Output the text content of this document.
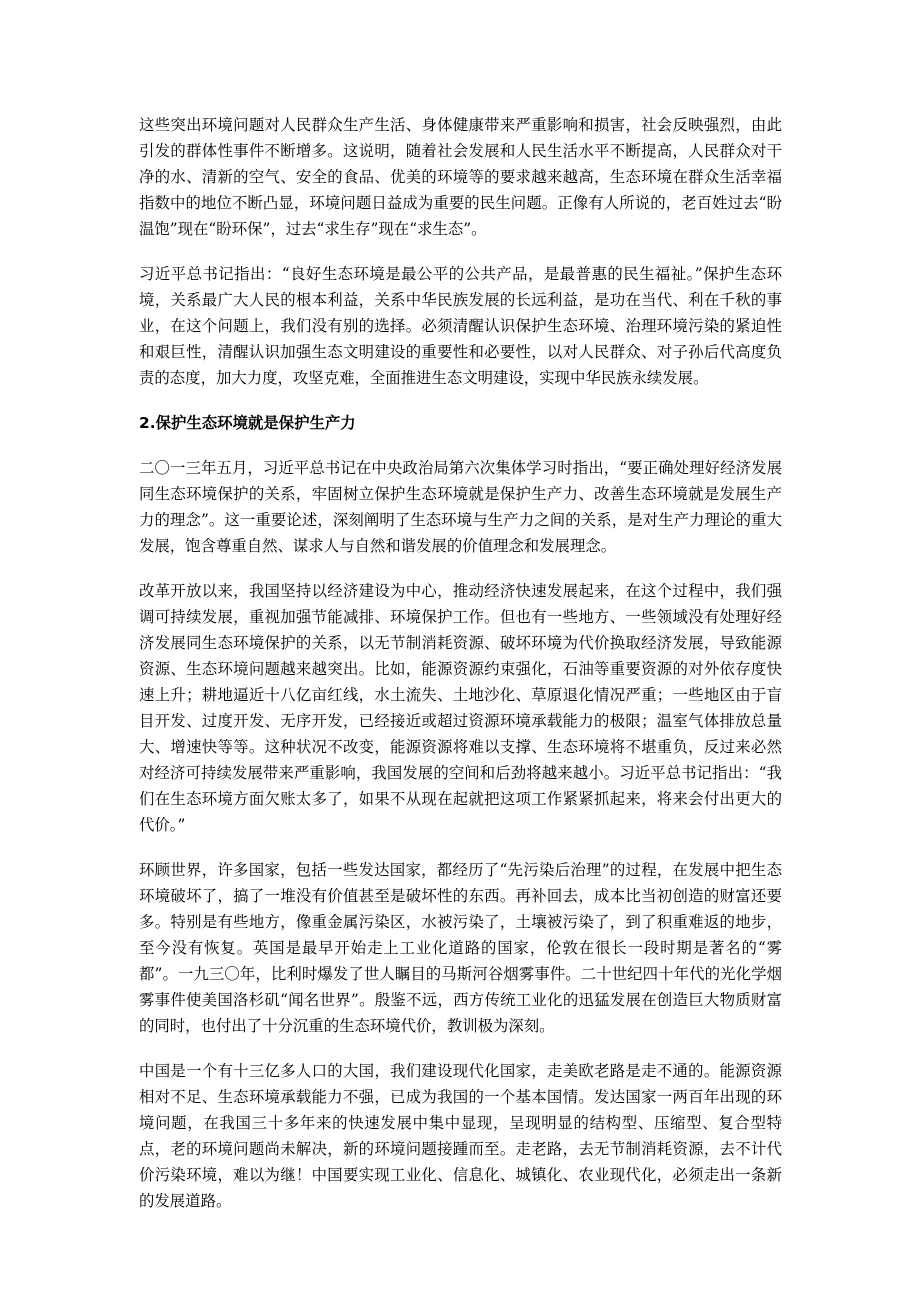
这些突出环境问题对人民群众生产生活、身体健康带来严重影响和损害，社会反映强烈，由此引发的群体性事件不断增多。这说明，随着社会发展和人民生活水平不断提高，人民群众对干净的水、清新的空气、安全的食品、优美的环境等的要求越来越高，生态环境在群众生活幸福指数中的地位不断凸显，环境问题日益成为重要的民生问题。正像有人所说的，老百姓过去“盼温饱”现在“盼环保”，过去“求生存”现在“求生态”。

习近平总书记指出：“良好生态环境是最公平的公共产品，是最普惠的民生福祉。”保护生态环境，关系最广大人民的根本利益，关系中华民族发展的长远利益，是功在当代、利在千秋的事业，在这个问题上，我们没有别的选择。必须清醒认识保护生态环境、治理环境污染的紧迫性和艰巨性，清醒认识加强生态文明建设的重要性和必要性，以对人民群众、对子孙后代高度负责的态度，加大力度，攻坚克难，全面推进生态文明建设，实现中华民族永续发展。

2.保护生态环境就是保护生产力

二〇一三年五月，习近平总书记在中央政治局第六次集体学习时指出，“要正确处理好经济发展同生态环境保护的关系，牢固树立保护生态环境就是保护生产力、改善生态环境就是发展生产力的理念”。这一重要论述，深刻阐明了生态环境与生产力之间的关系，是对生产力理论的重大发展，饱含尊重自然、谋求人与自然和谐发展的价值理念和发展理念。

改革开放以来，我国坚持以经济建设为中心，推动经济快速发展起来，在这个过程中，我们强调可持续发展，重视加强节能减排、环境保护工作。但也有一些地方、一些领域没有处理好经济发展同生态环境保护的关系，以无节制消耗资源、破坏环境为代价换取经济发展，导致能源资源、生态环境问题越来越突出。比如，能源资源约束强化，石油等重要资源的对外依存度快速上升；耕地逼近十八亿亩红线，水土流失、土地沙化、草原退化情况严重；一些地区由于盲目开发、过度开发、无序开发，已经接近或超过资源环境承载能力的极限；温室气体排放总量大、增速快等等。这种状况不改变，能源资源将难以支撑、生态环境将不堪重负，反过来必然对经济可持续发展带来严重影响，我国发展的空间和后劲将越来越小。习近平总书记指出：“我们在生态环境方面欠账太多了，如果不从现在起就把这项工作紧紧抓起来，将来会付出更大的代价。”

环顾世界，许多国家，包括一些发达国家，都经历了“先污染后治理”的过程，在发展中把生态环境破坏了，搞了一堆没有价值甚至是破坏性的东西。再补回去，成本比当初创造的财富还要多。特别是有些地方，像重金属污染区，水被污染了，土壤被污染了，到了积重难返的地步，至今没有恢复。英国是最早开始走上工业化道路的国家，伦敦在很长一段时期是著名的“雾都”。一九三〇年，比利时爆发了世人瞩目的马斯河谷烟雾事件。二十世纪四十年代的光化学烟雾事件使美国洛杉矶“闻名世界”。殷鉴不远，西方传统工业化的迅猛发展在创造巨大物质财富的同时，也付出了十分沉重的生态环境代价，教训极为深刻。

中国是一个有十三亿多人口的大国，我们建设现代化国家，走美欧老路是走不通的。能源资源相对不足、生态环境承载能力不强，已成为我国的一个基本国情。发达国家一两百年出现的环境问题，在我国三十多年来的快速发展中集中显现，呈现明显的结构型、压缩型、复合型特点，老的环境问题尚未解决，新的环境问题接踵而至。走老路，去无节制消耗资源，去不计代价污染环境，难以为继！中国要实现工业化、信息化、城镇化、农业现代化，必须走出一条新的发展道路。
